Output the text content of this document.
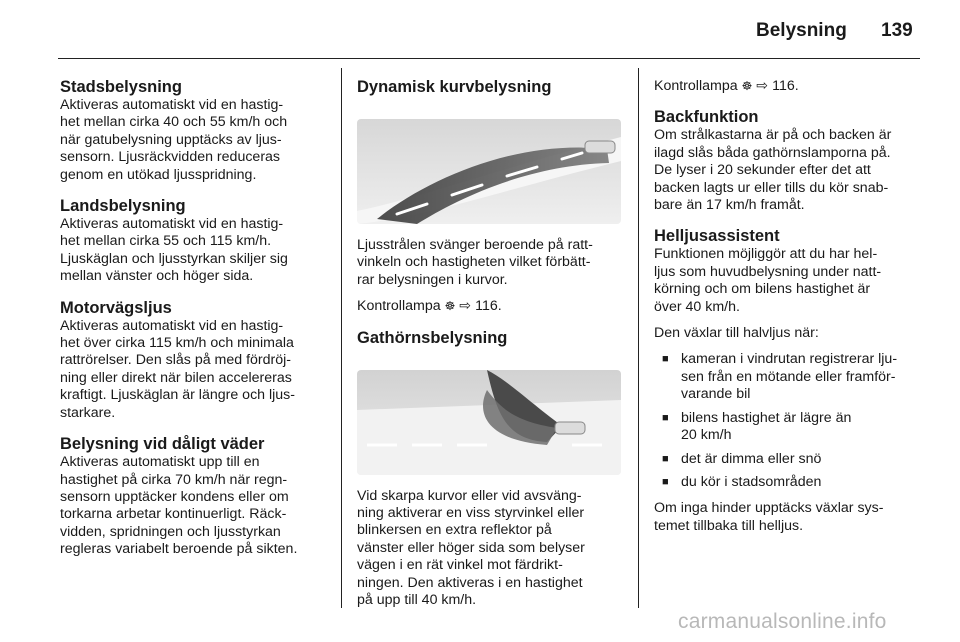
Belysning 139
Stadsbelysning

Aktiveras automatiskt vid en hastig-

het mellan cirka 40 och 55 km/h och

när gatubelysning upptäcks av ljus-

sensorn. Ljusräckvidden reduceras

genom en utökad ljusspridning.

Landsbelysning

Aktiveras automatiskt vid en hastig-

het mellan cirka 55 och 115 km/h.

Ljuskäglan och ljusstyrkan skiljer sig

mellan vänster och höger sida.

Motorvägsljus

Aktiveras automatiskt vid en hastig-

het över cirka 115 km/h och minimala

rattrörelser. Den slås på med fördröj-

ning eller direkt när bilen accelereras

kraftigt. Ljuskäglan är längre och ljus-

starkare.

Belysning vid dåligt väder

Aktiveras automatiskt upp till en

hastighet på cirka 70 km/h när regn-

sensorn upptäcker kondens eller om

torkarna arbetar kontinuerligt. Räck-

vidden, spridningen och ljusstyrkan

regleras variabelt beroende på sikten.

Dynamisk kurvbelysning

Ljusstrålen svänger beroende på ratt-

vinkeln och hastigheten vilket förbätt-

rar belysningen i kurvor.

Kontrollampa ☸ ⇨ 116.

Gathörnsbelysning

Vid skarpa kurvor eller vid avsväng-

ning aktiverar en viss styrvinkel eller

blinkersen en extra reflektor på

vänster eller höger sida som belyser

vägen i en rät vinkel mot färdrikt-

ningen. Den aktiveras i en hastighet

på upp till 40 km/h.

Kontrollampa ☸ ⇨ 116.

Backfunktion

Om strålkastarna är på och backen är

ilagd slås båda gathörnslamporna på.

De lyser i 20 sekunder efter det att

backen lagts ur eller tills du kör snab-

bare än 17 km/h framåt.

Helljusassistent

Funktionen möjliggör att du har hel-

ljus som huvudbelysning under natt-

körning och om bilens hastighet är

över 40 km/h.

Den växlar till halvljus när:

■ kameran i vindrutan registrerar lju-
sen från en mötande eller framför-
varande bil
■ bilens hastighet är lägre än
20 km/h
■ det är dimma eller snö
■ du kör i stadsområden

Om inga hinder upptäcks växlar sys-

temet tillbaka till helljus.

carmanualsonline.info
